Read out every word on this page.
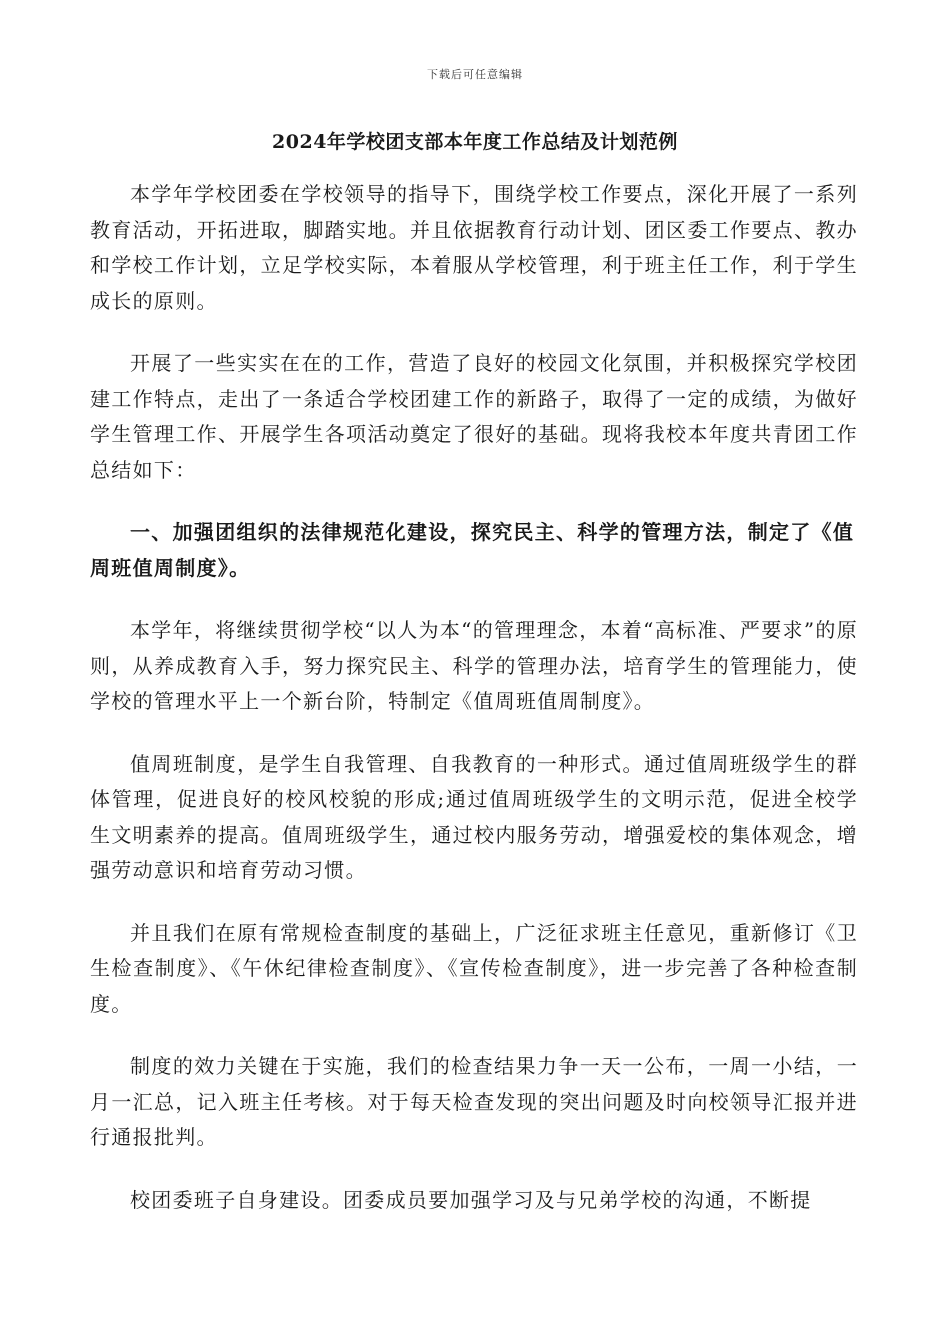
下载后可任意编辑
2024年学校团支部本年度工作总结及计划范例

本学年学校团委在学校领导的指导下，围绕学校工作要点，深化开展了一系列教育活动，开拓进取，脚踏实地。并且依据教育行动计划、团区委工作要点、教办和学校工作计划，立足学校实际，本着服从学校管理，利于班主任工作，利于学生成长的原则。

开展了一些实实在在的工作，营造了良好的校园文化氛围，并积极探究学校团建工作特点，走出了一条适合学校团建工作的新路子，取得了一定的成绩，为做好学生管理工作、开展学生各项活动奠定了很好的基础。现将我校本年度共青团工作总结如下：

一、加强团组织的法律规范化建设，探究民主、科学的管理方法，制定了《值周班值周制度》。

本学年，将继续贯彻学校“以人为本“的管理理念，本着“高标准、严要求”的原则，从养成教育入手，努力探究民主、科学的管理办法，培育学生的管理能力，使学校的管理水平上一个新台阶，特制定《值周班值周制度》。

值周班制度，是学生自我管理、自我教育的一种形式。通过值周班级学生的群体管理，促进良好的校风校貌的形成;通过值周班级学生的文明示范，促进全校学生文明素养的提高。值周班级学生，通过校内服务劳动，增强爱校的集体观念，增强劳动意识和培育劳动习惯。

并且我们在原有常规检查制度的基础上，广泛征求班主任意见，重新修订《卫生检查制度》、《午休纪律检查制度》、《宣传检查制度》，进一步完善了各种检查制度。

制度的效力关键在于实施，我们的检查结果力争一天一公布，一周一小结，一月一汇总，记入班主任考核。对于每天检查发现的突出问题及时向校领导汇报并进行通报批判。

校团委班子自身建设。团委成员要加强学习及与兄弟学校的沟通，不断提
